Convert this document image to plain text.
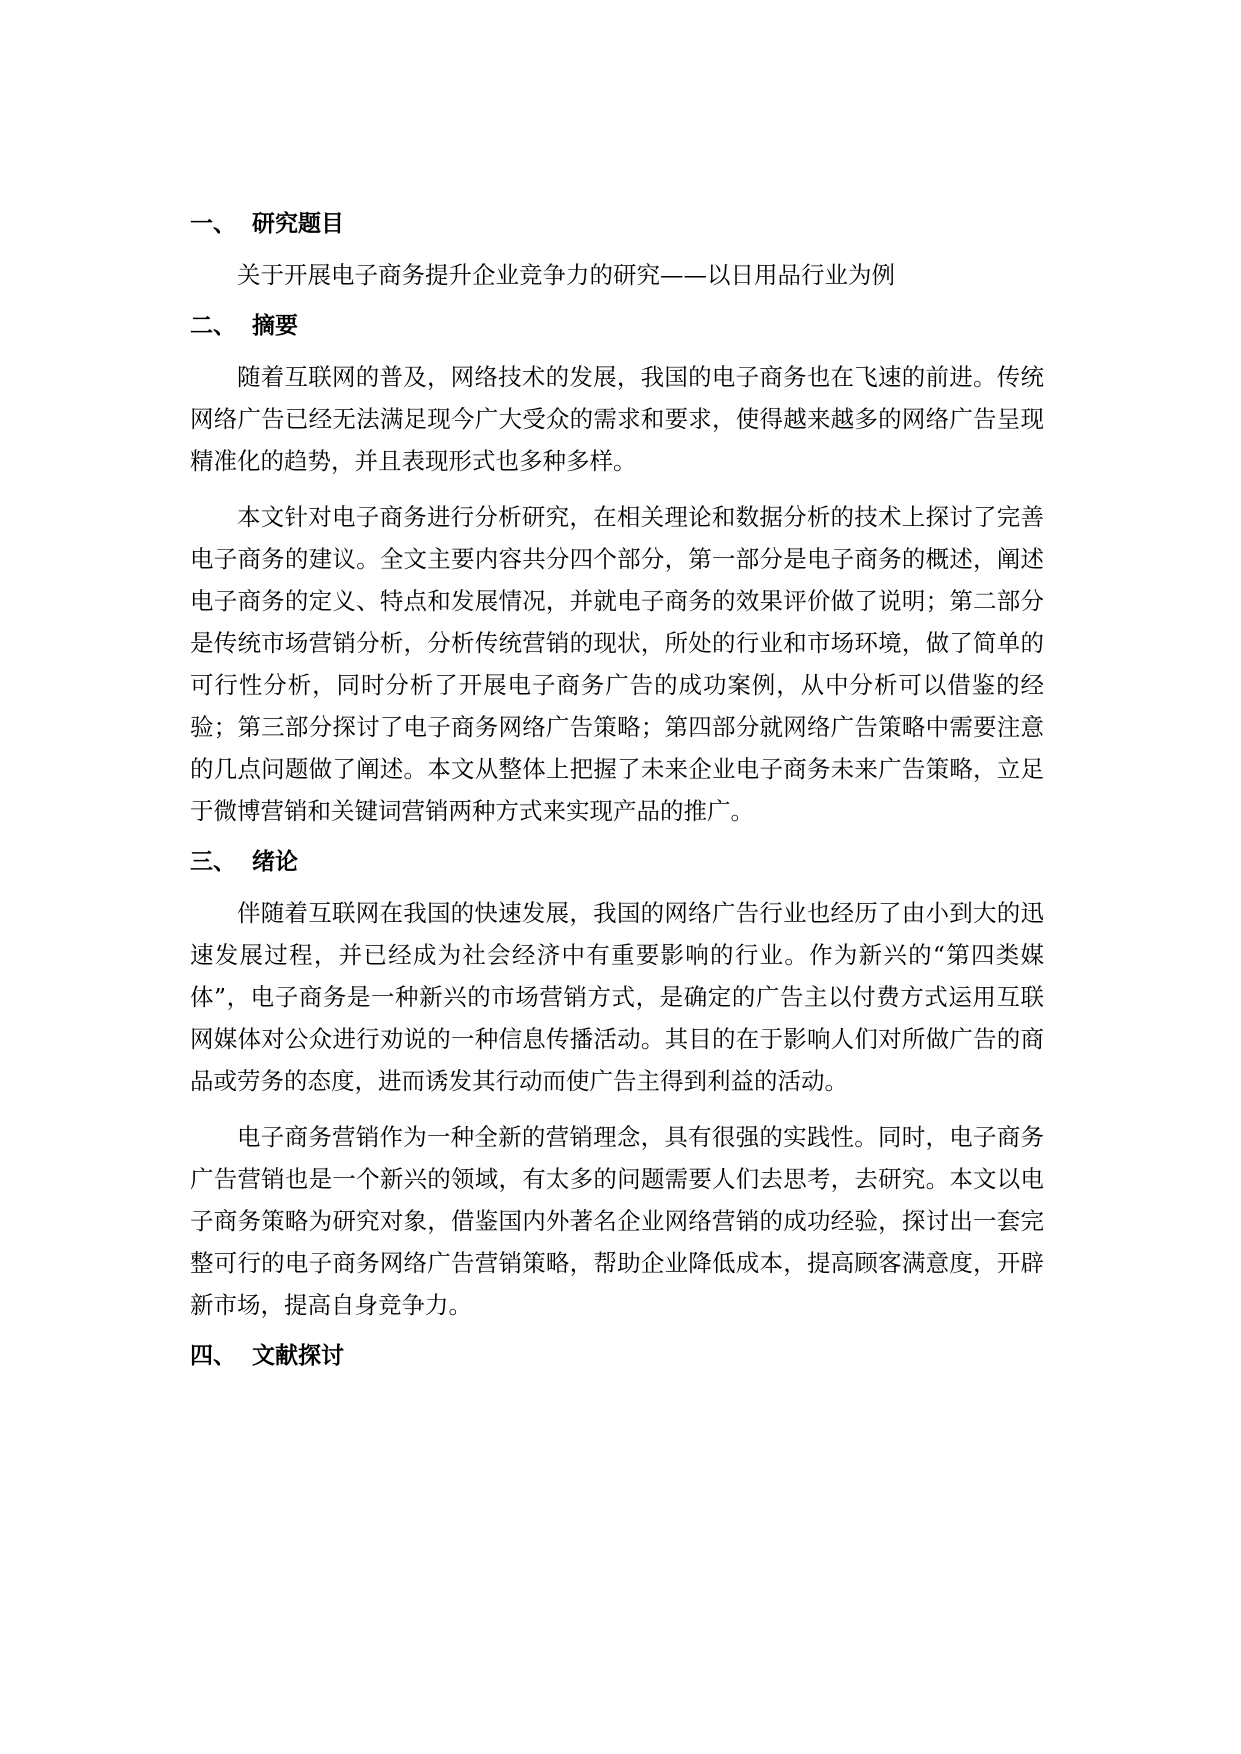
一、 研究题目

关于开展电子商务提升企业竞争力的研究——以日用品行业为例

二、 摘要

随着互联网的普及，网络技术的发展，我国的电子商务也在飞速的前进。传统网络广告已经无法满足现今广大受众的需求和要求，使得越来越多的网络广告呈现精准化的趋势，并且表现形式也多种多样。

本文针对电子商务进行分析研究，在相关理论和数据分析的技术上探讨了完善电子商务的建议。全文主要内容共分四个部分，第一部分是电子商务的概述，阐述电子商务的定义、特点和发展情况，并就电子商务的效果评价做了说明；第二部分是传统市场营销分析，分析传统营销的现状，所处的行业和市场环境，做了简单的可行性分析，同时分析了开展电子商务广告的成功案例，从中分析可以借鉴的经验；第三部分探讨了电子商务网络广告策略；第四部分就网络广告策略中需要注意的几点问题做了阐述。本文从整体上把握了未来企业电子商务未来广告策略，立足于微博营销和关键词营销两种方式来实现产品的推广。

三、 绪论

伴随着互联网在我国的快速发展，我国的网络广告行业也经历了由小到大的迅速发展过程，并已经成为社会经济中有重要影响的行业。作为新兴的“第四类媒体”，电子商务是一种新兴的市场营销方式，是确定的广告主以付费方式运用互联网媒体对公众进行劝说的一种信息传播活动。其目的在于影响人们对所做广告的商品或劳务的态度，进而诱发其行动而使广告主得到利益的活动。

电子商务营销作为一种全新的营销理念，具有很强的实践性。同时，电子商务广告营销也是一个新兴的领域，有太多的问题需要人们去思考，去研究。本文以电子商务策略为研究对象，借鉴国内外著名企业网络营销的成功经验，探讨出一套完整可行的电子商务网络广告营销策略，帮助企业降低成本，提高顾客满意度，开辟新市场，提高自身竞争力。

四、 文献探讨
